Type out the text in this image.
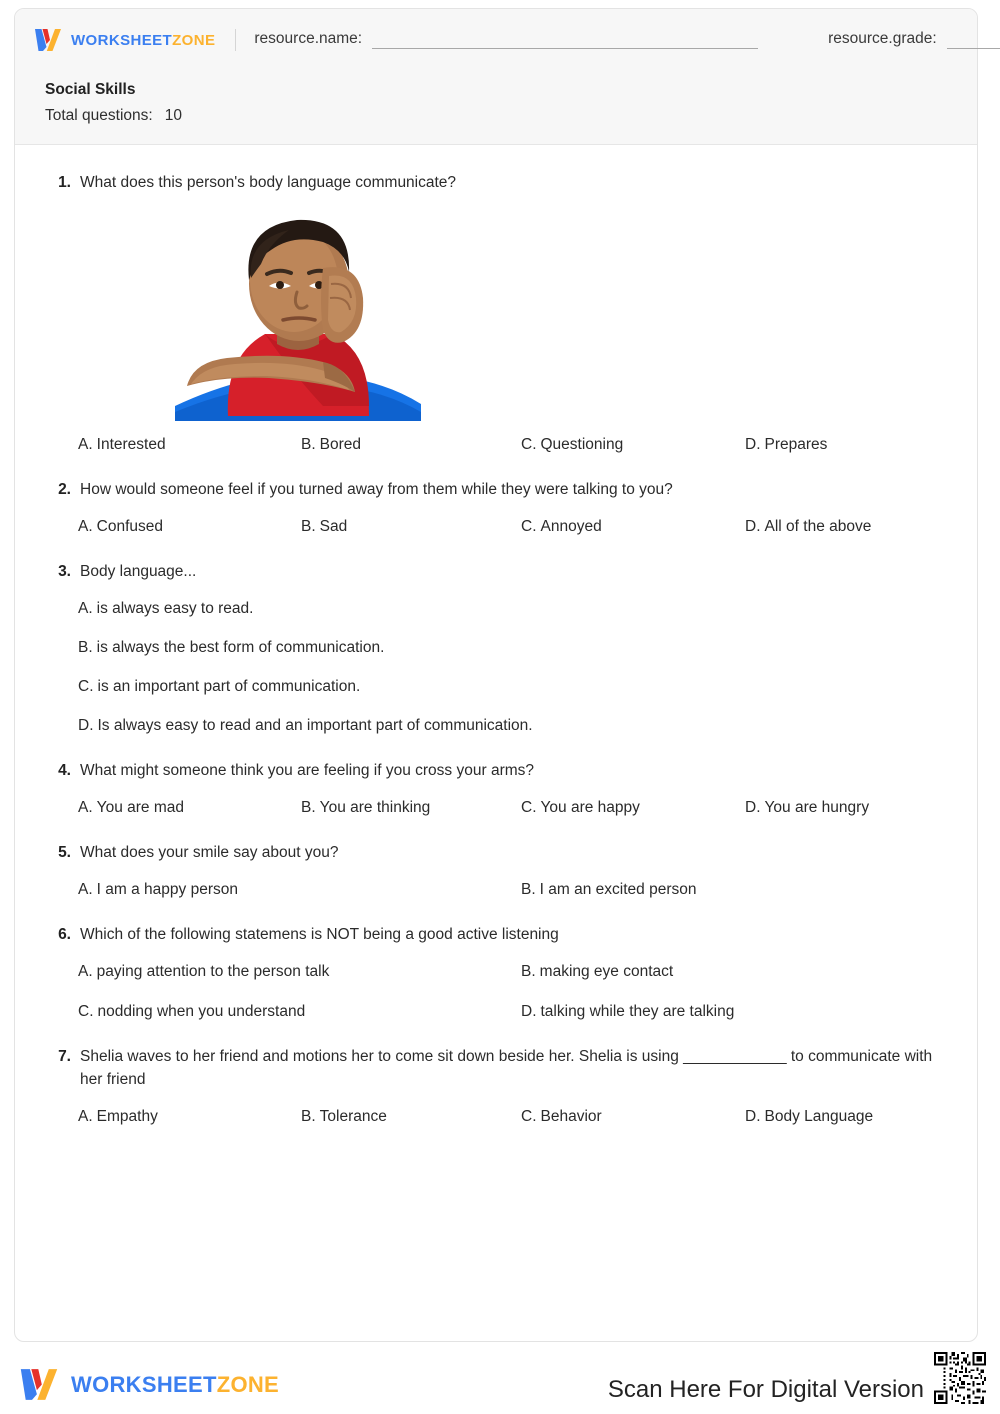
WORKSHEETZONE	resource.name:	resource.grade:
Social Skills
Total questions: 10
1. What does this person's body language communicate?
A. Interested	B. Bored	C. Questioning	D. Prepares
2. How would someone feel if you turned away from them while they were talking to you?
A. Confused	B. Sad	C. Annoyed	D. All of the above
3. Body language...
A. is always easy to read.
B. is always the best form of communication.
C. is an important part of communication.
D. Is always easy to read and an important part of communication.
4. What might someone think you are feeling if you cross your arms?
A. You are mad	B. You are thinking	C. You are happy	D. You are hungry
5. What does your smile say about you?
A. I am a happy person	B. I am an excited person
6. Which of the following statemens is NOT being a good active listening
A. paying attention to the person talk	B. making eye contact
C. nodding when you understand	D. talking while they are talking
7. Shelia waves to her friend and motions her to come sit down beside her. Shelia is using ____________ to communicate with her friend
A. Empathy	B. Tolerance	C. Behavior	D. Body Language
WORKSHEETZONE	Scan Here For Digital Version
